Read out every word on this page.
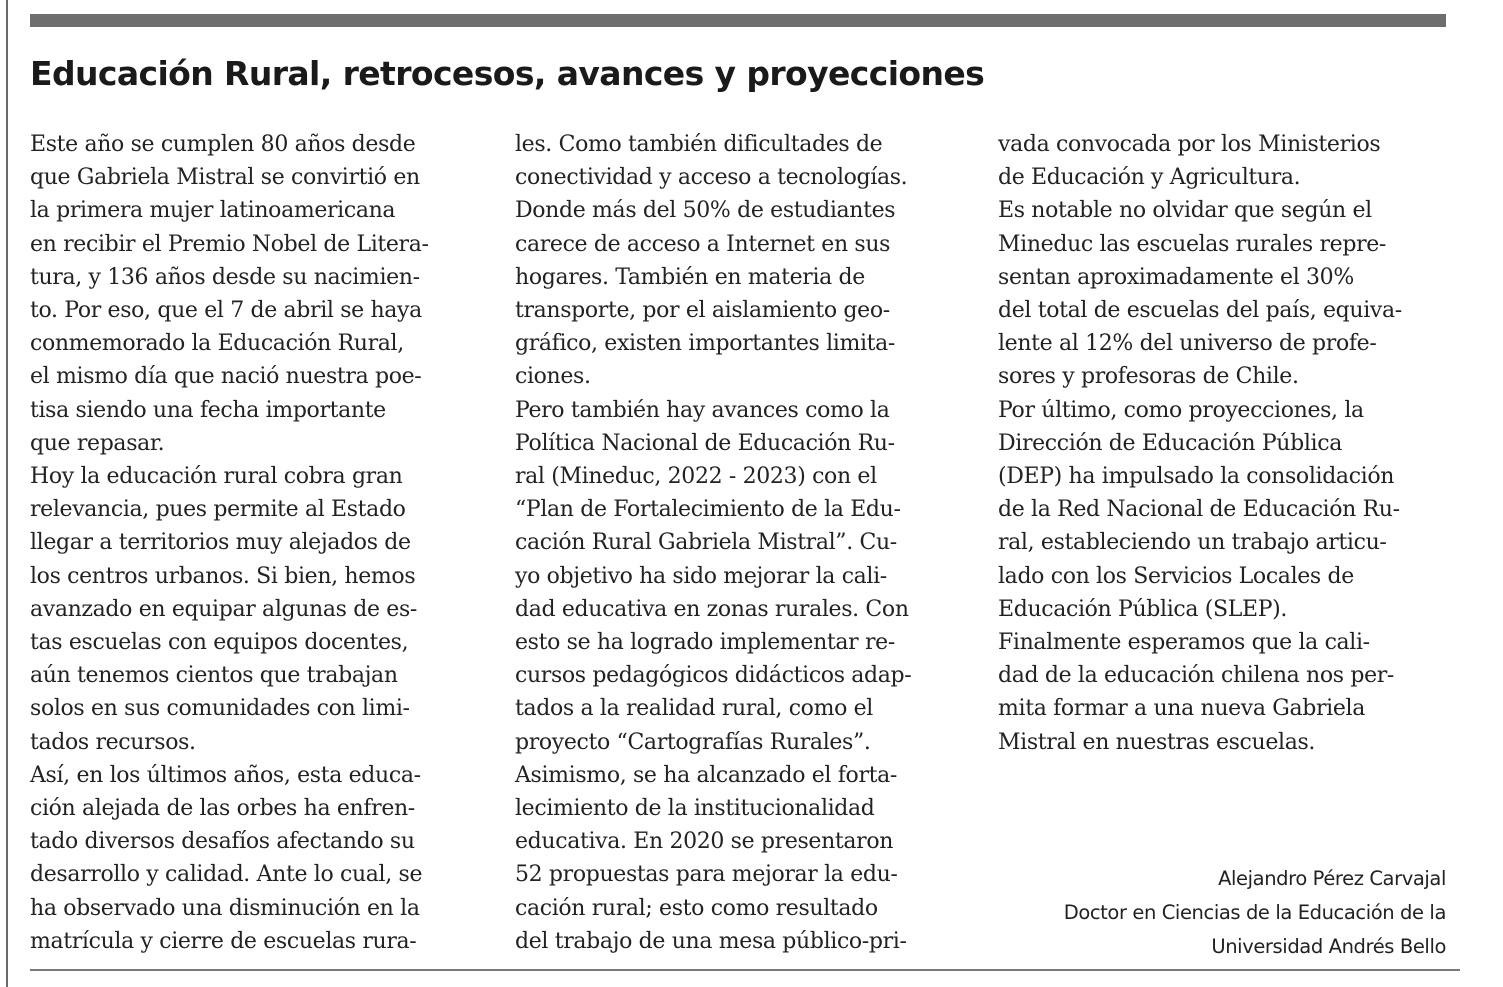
Educación Rural, retrocesos, avances y proyecciones
Este año se cumplen 80 años desde
que Gabriela Mistral se convirtió en
la primera mujer latinoamericana
en recibir el Premio Nobel de Litera-
tura, y 136 años desde su nacimien-
to. Por eso, que el 7 de abril se haya
conmemorado la Educación Rural,
el mismo día que nació nuestra poe-
tisa siendo una fecha importante
que repasar.
Hoy la educación rural cobra gran
relevancia, pues permite al Estado
llegar a territorios muy alejados de
los centros urbanos. Si bien, hemos
avanzado en equipar algunas de es-
tas escuelas con equipos docentes,
aún tenemos cientos que trabajan
solos en sus comunidades con limi-
tados recursos.
Así, en los últimos años, esta educa-
ción alejada de las orbes ha enfren-
tado diversos desafíos afectando su
desarrollo y calidad. Ante lo cual, se
ha observado una disminución en la
matrícula y cierre de escuelas rura-
les. Como también dificultades de
conectividad y acceso a tecnologías.
Donde más del 50% de estudiantes
carece de acceso a Internet en sus
hogares. También en materia de
transporte, por el aislamiento geo-
gráfico, existen importantes limita-
ciones.
Pero también hay avances como la
Política Nacional de Educación Ru-
ral (Mineduc, 2022 - 2023) con el
“Plan de Fortalecimiento de la Edu-
cación Rural Gabriela Mistral”. Cu-
yo objetivo ha sido mejorar la cali-
dad educativa en zonas rurales. Con
esto se ha logrado implementar re-
cursos pedagógicos didácticos adap-
tados a la realidad rural, como el
proyecto “Cartografías Rurales”.
Asimismo, se ha alcanzado el forta-
lecimiento de la institucionalidad
educativa. En 2020 se presentaron
52 propuestas para mejorar la edu-
cación rural; esto como resultado
del trabajo de una mesa público-pri-
vada convocada por los Ministerios
de Educación y Agricultura.
Es notable no olvidar que según el
Mineduc las escuelas rurales repre-
sentan aproximadamente el 30%
del total de escuelas del país, equiva-
lente al 12% del universo de profe-
sores y profesoras de Chile.
Por último, como proyecciones, la
Dirección de Educación Pública
(DEP) ha impulsado la consolidación
de la Red Nacional de Educación Ru-
ral, estableciendo un trabajo articu-
lado con los Servicios Locales de
Educación Pública (SLEP).
Finalmente esperamos que la cali-
dad de la educación chilena nos per-
mita formar a una nueva Gabriela
Mistral en nuestras escuelas.
Alejandro Pérez Carvajal
Doctor en Ciencias de la Educación de la
Universidad Andrés Bello
